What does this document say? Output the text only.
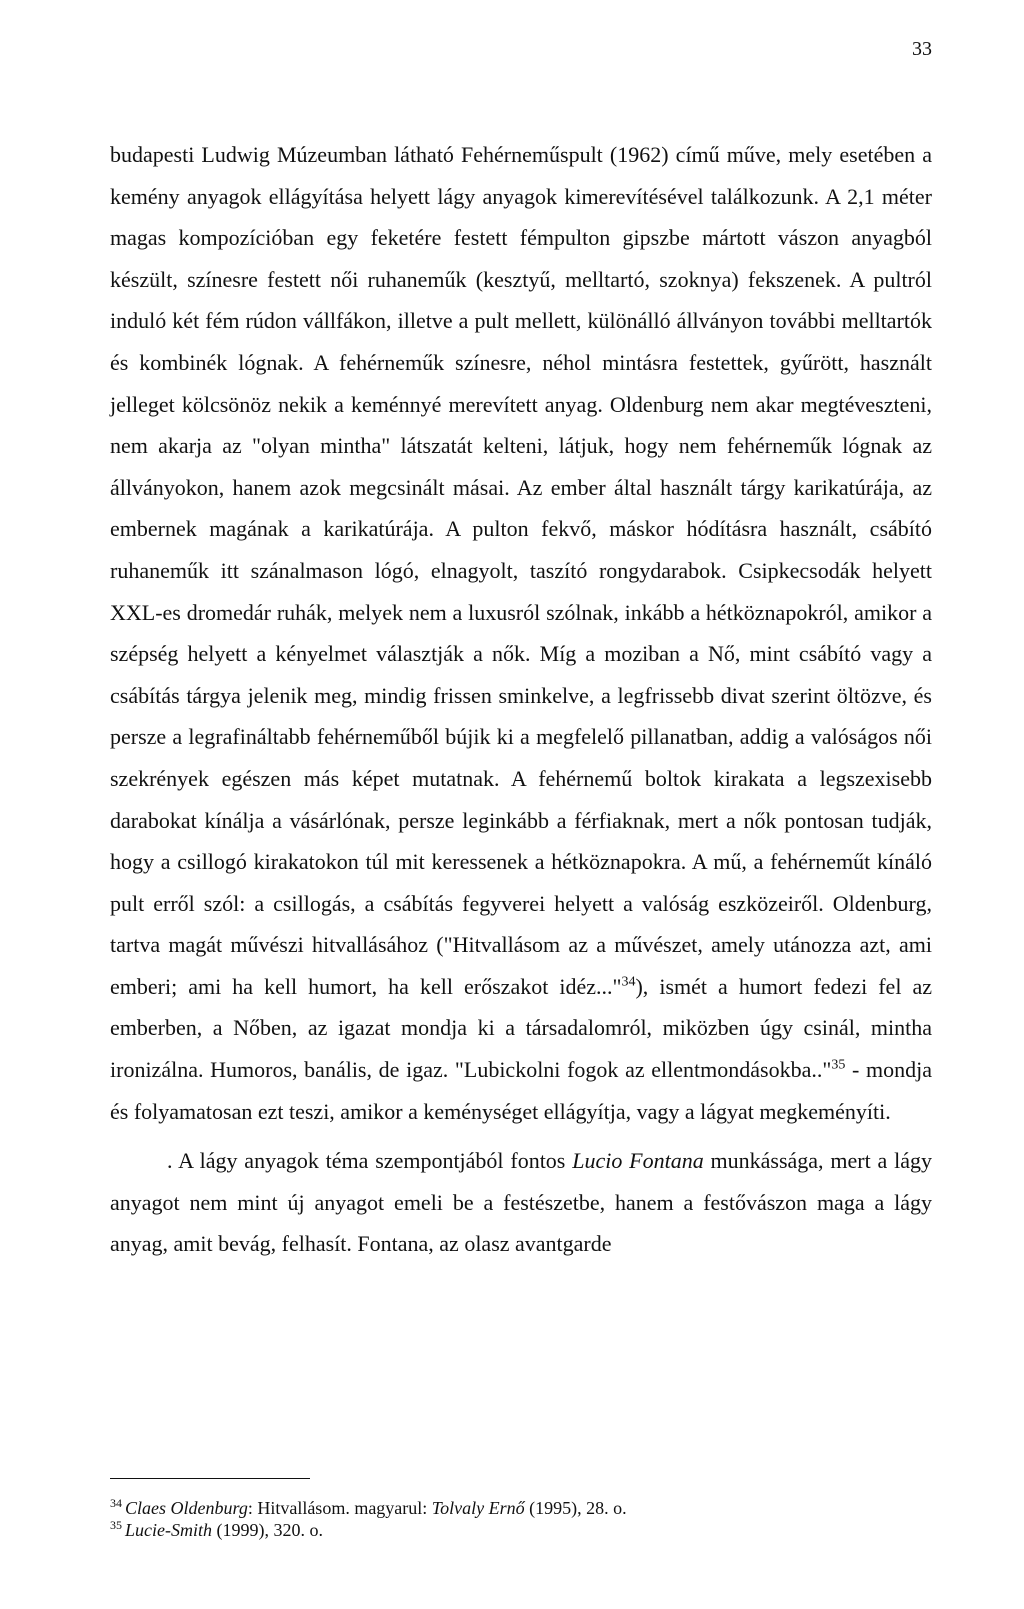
33

budapesti Ludwig Múzeumban látható Fehérneműspult (1962) című műve, mely esetében a kemény anyagok ellágyítása helyett lágy anyagok kimerevítésével találkozunk. A 2,1 méter magas kompozícióban egy feketére festett fémpulton gipszbe mártott vászon anyagból készült, színesre festett női ruhaneműk (kesztyű, melltartó, szoknya) fekszenek. A pultról induló két fém rúdon vállfákon, illetve a pult mellett, különálló állványon további melltartók és kombinék lógnak. A fehérneműk színesre, néhol mintásra festettek, gyűrött, használt jelleget kölcsönöz nekik a keménnyé merevített anyag. Oldenburg nem akar megtéveszteni, nem akarja az "olyan mintha" látszatát kelteni, látjuk, hogy nem fehérneműk lógnak az állványokon, hanem azok megcsinált másai. Az ember által használt tárgy karikatúrája, az embernek magának a karikatúrája. A pulton fekvő, máskor hódításra használt, csábító ruhaneműk itt szánalmason lógó, elnagyolt, taszító rongydarabok. Csipkecsodák helyett XXL-es dromedár ruhák, melyek nem a luxusról szólnak, inkább a hétköznapokról, amikor a szépség helyett a kényelmet választják a nők. Míg a moziban a Nő, mint csábító vagy a csábítás tárgya jelenik meg, mindig frissen sminkelve, a legfrissebb divat szerint öltözve, és persze a legrafináltabb fehérneműből bújik ki a megfelelő pillanatban, addig a valóságos női szekrények egészen más képet mutatnak. A fehérnemű boltok kirakata a legszexisebb darabokat kínálja a vásárlónak, persze leginkább a férfiaknak, mert a nők pontosan tudják, hogy a csillogó kirakatokon túl mit keressenek a hétköznapokra. A mű, a fehérneműt kínáló pult erről szól: a csillogás, a csábítás fegyverei helyett a valóság eszközeiről. Oldenburg, tartva magát művészi hitvallásához ("Hitvallásom az a művészet, amely utánozza azt, ami emberi; ami ha kell humort, ha kell erőszakot idéz..."$^{34}$), ismét a humort fedezi fel az emberben, a Nőben, az igazat mondja ki a társadalomról, miközben úgy csinál, mintha ironizálna. Humoros, banális, de igaz. "Lubickolni fogok az ellentmondásokba.."$^{35}$ - mondja és folyamatosan ezt teszi, amikor a keménységet ellágyítja, vagy a lágyat megkeményíti.

. A lágy anyagok téma szempontjából fontos Lucio Fontana munkássága, mert a lágy anyagot nem mint új anyagot emeli be a festészetbe, hanem a festővászon maga a lágy anyag, amit bevág, felhasít. Fontana, az olasz avantgarde

$^{34}$ Claes Oldenburg: Hitvallásom. magyarul: Tolvaly Ernő (1995), 28. o.
$^{35}$ Lucie-Smith (1999), 320. o.
